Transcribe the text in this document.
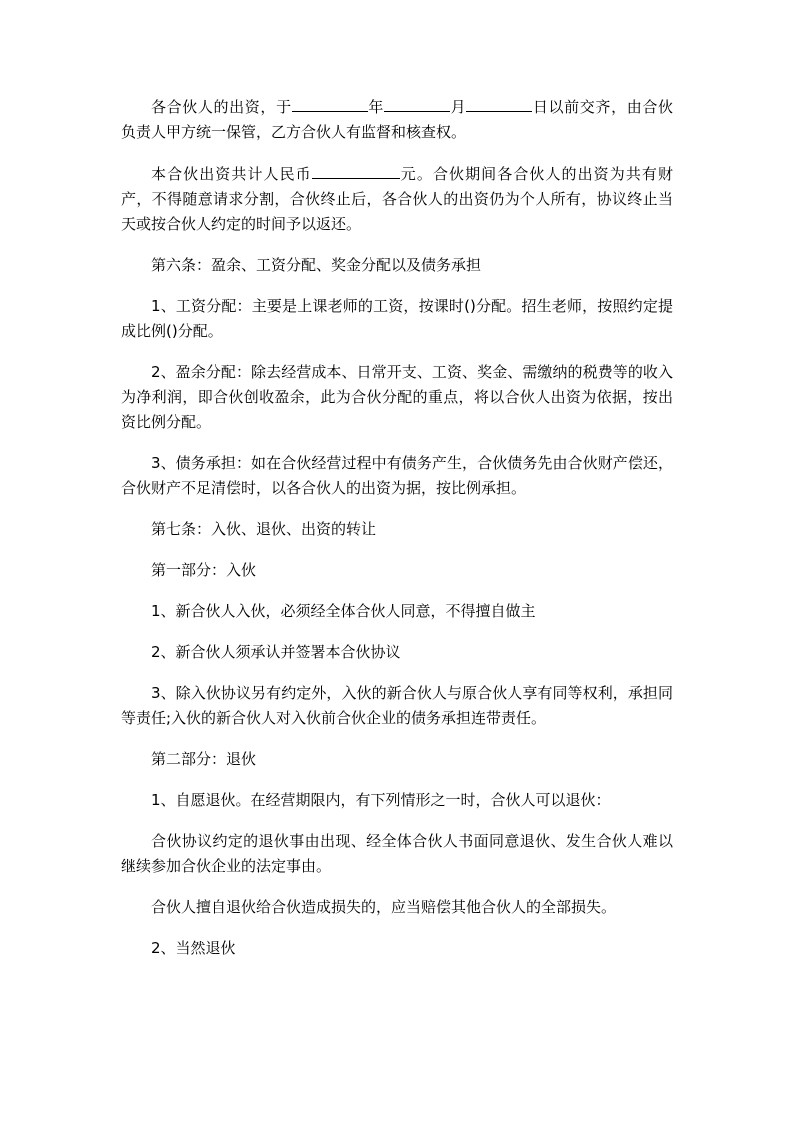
各合伙人的出资，于	年	月	日以前交齐，由合伙负责人甲方统一保管，乙方合伙人有监督和核查权。

本合伙出资共计人民币	元。合伙期间各合伙人的出资为共有财产，不得随意请求分割，合伙终止后，各合伙人的出资仍为个人所有，协议终止当天或按合伙人约定的时间予以返还。

第六条：盈余、工资分配、奖金分配以及债务承担

1、工资分配：主要是上课老师的工资，按课时()分配。招生老师，按照约定提成比例()分配。

2、盈余分配：除去经营成本、日常开支、工资、奖金、需缴纳的税费等的收入为净利润，即合伙创收盈余，此为合伙分配的重点，将以合伙人出资为依据，按出资比例分配。

3、债务承担：如在合伙经营过程中有债务产生，合伙债务先由合伙财产偿还，合伙财产不足清偿时，以各合伙人的出资为据，按比例承担。

第七条：入伙、退伙、出资的转让

第一部分：入伙

1、新合伙人入伙，必须经全体合伙人同意，不得擅自做主

2、新合伙人须承认并签署本合伙协议

3、除入伙协议另有约定外，入伙的新合伙人与原合伙人享有同等权利，承担同等责任;入伙的新合伙人对入伙前合伙企业的债务承担连带责任。

第二部分：退伙

1、自愿退伙。在经营期限内，有下列情形之一时，合伙人可以退伙：

合伙协议约定的退伙事由出现、经全体合伙人书面同意退伙、发生合伙人难以继续参加合伙企业的法定事由。

合伙人擅自退伙给合伙造成损失的，应当赔偿其他合伙人的全部损失。

2、当然退伙
